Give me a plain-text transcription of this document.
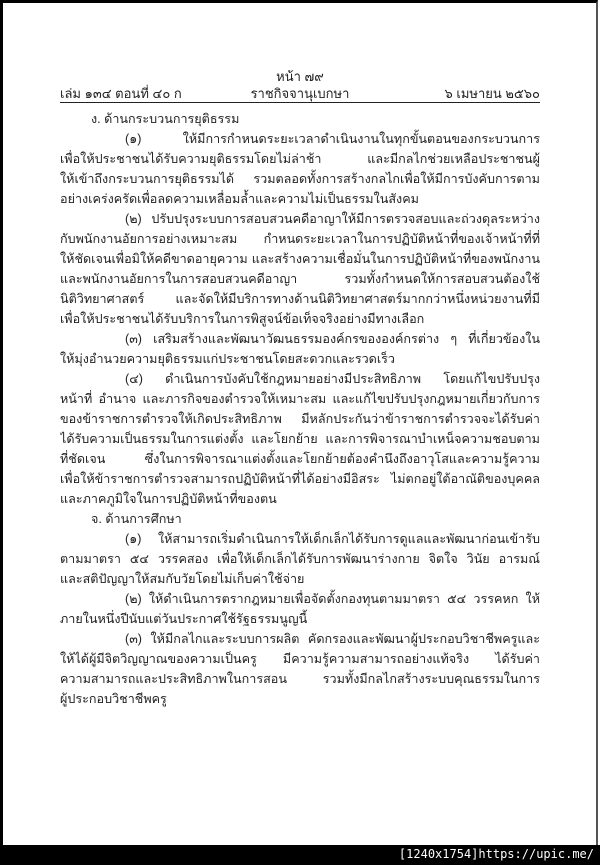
หน้า ๗๙
เล่ม ๑๓๔ ตอนที่ ๔๐ ก	ราชกิจจานุเบกษา	๖ เมษายน ๒๕๖๐
ง. ด้านกระบวนการยุติธรรม
(๑) ให้มีการกำหนดระยะเวลาดำเนินงานในทุกขั้นตอนของกระบวนการ
เพื่อให้ประชาชนได้รับความยุติธรรมโดยไม่ล่าช้า และมีกลไกช่วยเหลือประชาชนผู้
ให้เข้าถึงกระบวนการยุติธรรมได้ รวมตลอดทั้งการสร้างกลไกเพื่อให้มีการบังคับการตาม
อย่างเคร่งครัดเพื่อลดความเหลื่อมล้ำและความไม่เป็นธรรมในสังคม
(๒) ปรับปรุงระบบการสอบสวนคดีอาญาให้มีการตรวจสอบและถ่วงดุลระหว่าง
กับพนักงานอัยการอย่างเหมาะสม กำหนดระยะเวลาในการปฏิบัติหน้าที่ของเจ้าหน้าที่ที่
ให้ชัดเจนเพื่อมิให้คดีขาดอายุความ และสร้างความเชื่อมั่นในการปฏิบัติหน้าที่ของพนักงาน
และพนักงานอัยการในการสอบสวนคดีอาญา รวมทั้งกำหนดให้การสอบสวนต้องใช้
นิติวิทยาศาสตร์ และจัดให้มีบริการทางด้านนิติวิทยาศาสตร์มากกว่าหนึ่งหน่วยงานที่มี
เพื่อให้ประชาชนได้รับบริการในการพิสูจน์ข้อเท็จจริงอย่างมีทางเลือก
(๓) เสริมสร้างและพัฒนาวัฒนธรรมองค์กรขององค์กรต่าง ๆ ที่เกี่ยวข้องใน
ให้มุ่งอำนวยความยุติธรรมแก่ประชาชนโดยสะดวกและรวดเร็ว
(๔) ดำเนินการบังคับใช้กฎหมายอย่างมีประสิทธิภาพ โดยแก้ไขปรับปรุง
หน้าที่ อำนาจ และภารกิจของตำรวจให้เหมาะสม และแก้ไขปรับปรุงกฎหมายเกี่ยวกับการ
ของข้าราชการตำรวจให้เกิดประสิทธิภาพ มีหลักประกันว่าข้าราชการตำรวจจะได้รับค่า
ได้รับความเป็นธรรมในการแต่งตั้ง และโยกย้าย และการพิจารณาบำเหน็จความชอบตาม
ที่ชัดเจน ซึ่งในการพิจารณาแต่งตั้งและโยกย้ายต้องคำนึงถึงอาวุโสและความรู้ความ
เพื่อให้ข้าราชการตำรวจสามารถปฏิบัติหน้าที่ได้อย่างมีอิสระ ไม่ตกอยู่ใต้อาณัติของบุคคล
และภาคภูมิใจในการปฏิบัติหน้าที่ของตน
จ. ด้านการศึกษา
(๑) ให้สามารถเริ่มดำเนินการให้เด็กเล็กได้รับการดูแลและพัฒนาก่อนเข้ารับ
ตามมาตรา ๕๔ วรรคสอง เพื่อให้เด็กเล็กได้รับการพัฒนาร่างกาย จิตใจ วินัย อารมณ์
และสติปัญญาให้สมกับวัยโดยไม่เก็บค่าใช้จ่าย
(๒) ให้ดำเนินการตรากฎหมายเพื่อจัดตั้งกองทุนตามมาตรา ๕๔ วรรคหก ให้
ภายในหนึ่งปีนับแต่วันประกาศใช้รัฐธรรมนูญนี้
(๓) ให้มีกลไกและระบบการผลิต คัดกรองและพัฒนาผู้ประกอบวิชาชีพครูและ
ให้ได้ผู้มีจิตวิญญาณของความเป็นครู มีความรู้ความสามารถอย่างแท้จริง ได้รับค่า
ความสามารถและประสิทธิภาพในการสอน รวมทั้งมีกลไกสร้างระบบคุณธรรมในการ
ผู้ประกอบวิชาชีพครู
[1240x1754]https://upic.me/
